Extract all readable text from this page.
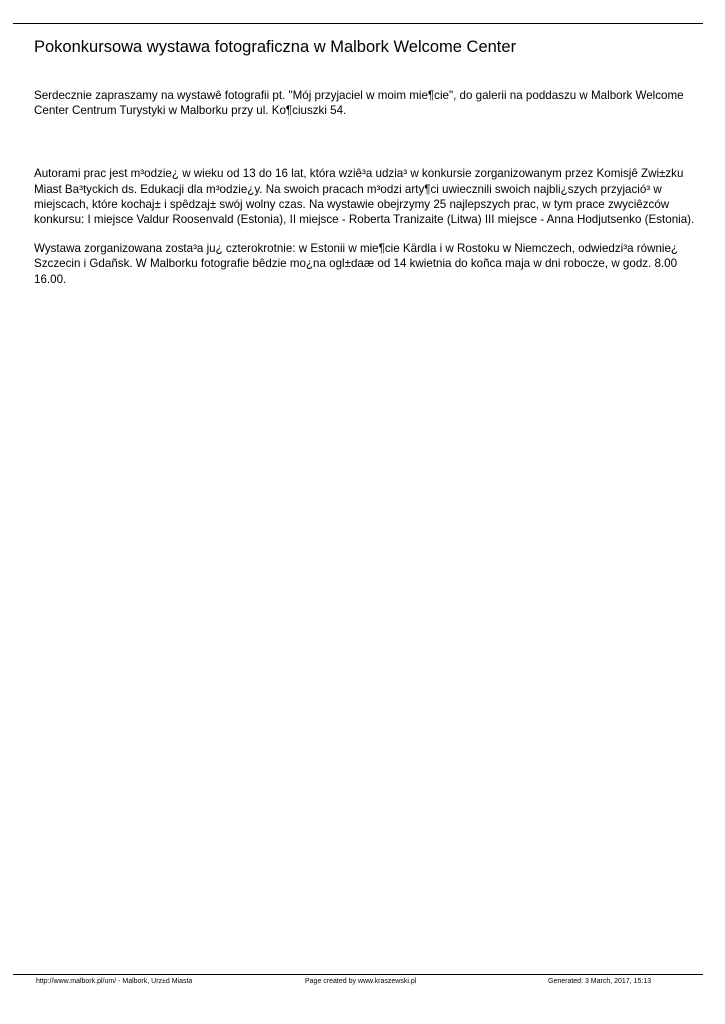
Pokonkursowa wystawa fotograficzna w Malbork Welcome Center

Serdecznie zapraszamy na wystawê fotografii pt. "Mój przyjaciel w moim mie¶cie", do galerii na poddaszu w Malbork Welcome Center Centrum Turystyki w Malborku przy ul. Ko¶ciuszki 54.

Autorami prac jest m³odzie¿ w wieku od 13 do 16 lat, która wziê³a udzia³ w konkursie zorganizowanym przez Komisjê Zwi±zku Miast Ba³tyckich ds. Edukacji dla m³odzie¿y. Na swoich pracach m³odzi arty¶ci uwiecznili swoich najbli¿szych przyjació³ w miejscach, które kochaj± i spêdzaj± swój wolny czas. Na wystawie obejrzymy 25 najlepszych prac, w tym prace zwyciêzców konkursu: I miejsce Valdur Roosenvald (Estonia), II miejsce - Roberta Tranizaite (Litwa) III miejsce - Anna Hodjutsenko (Estonia).

Wystawa zorganizowana zosta³a ju¿ czterokrotnie: w Estonii w mie¶cie Kärdla i w Rostoku w Niemczech, odwiedzi³a równie¿ Szczecin i Gdañsk. W Malborku fotografie bêdzie mo¿na ogl±daæ od 14 kwietnia do koñca maja w dni robocze, w godz. 8.00 16.00.

http://www.malbork.pl/um/ - Malbork, Urz±d Miasta	Page created by www.kraszewski.pl	Generated: 3 March, 2017, 15:13
